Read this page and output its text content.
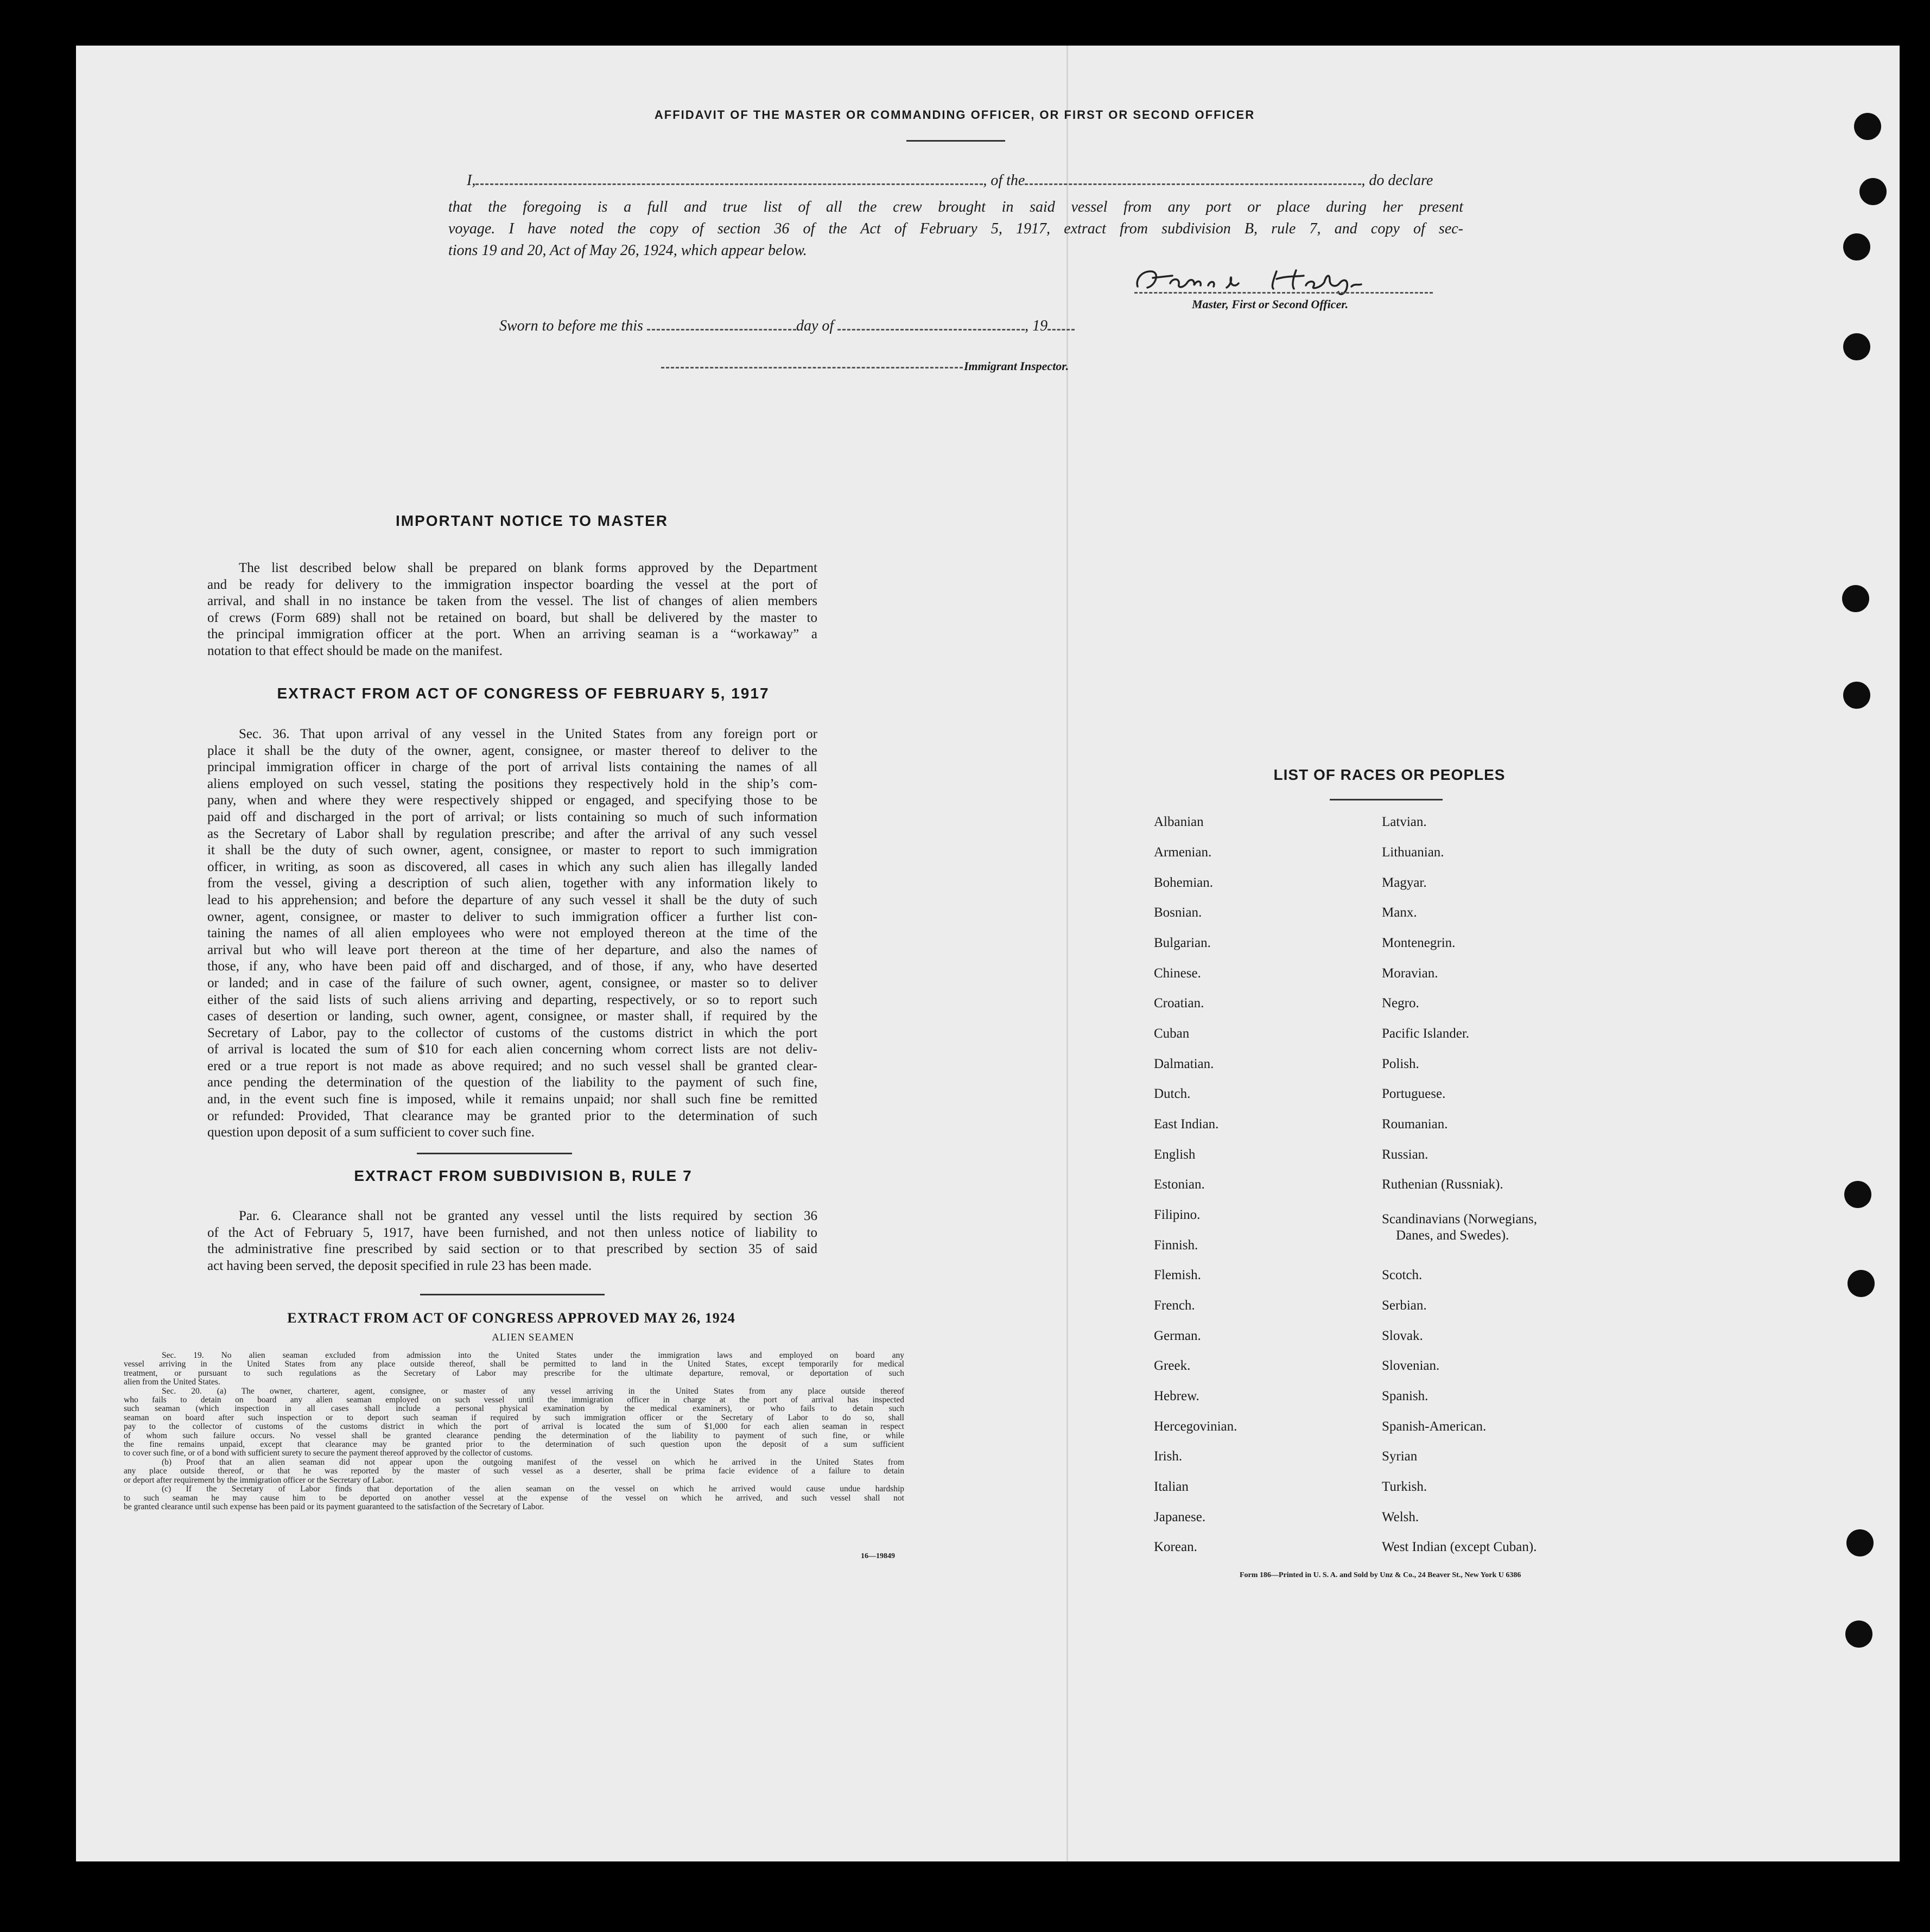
AFFIDAVIT OF THE MASTER OR COMMANDING OFFICER, OR FIRST OR SECOND OFFICER
I,	, of the	, do declare
that the foregoing is a full and true list of all the crew brought in said vessel from any port or place during her present
voyage. I have noted the copy of section 36 of the Act of February 5, 1917, extract from subdivision B, rule 7, and copy of sec-
tions 19 and 20, Act of May 26, 1924, which appear below.
Master, First or Second Officer.
Sworn to before me this	day of	, 19
Immigrant Inspector.
IMPORTANT NOTICE TO MASTER
The list described below shall be prepared on blank forms approved by the Department
and be ready for delivery to the immigration inspector boarding the vessel at the port of
arrival, and shall in no instance be taken from the vessel. The list of changes of alien members
of crews (Form 689) shall not be retained on board, but shall be delivered by the master to
the principal immigration officer at the port. When an arriving seaman is a “workaway” a
notation to that effect should be made on the manifest.
EXTRACT FROM ACT OF CONGRESS OF FEBRUARY 5, 1917
Sec. 36. That upon arrival of any vessel in the United States from any foreign port or
place it shall be the duty of the owner, agent, consignee, or master thereof to deliver to the
principal immigration officer in charge of the port of arrival lists containing the names of all
aliens employed on such vessel, stating the positions they respectively hold in the ship’s com-
pany, when and where they were respectively shipped or engaged, and specifying those to be
paid off and discharged in the port of arrival; or lists containing so much of such information
as the Secretary of Labor shall by regulation prescribe; and after the arrival of any such vessel
it shall be the duty of such owner, agent, consignee, or master to report to such immigration
officer, in writing, as soon as discovered, all cases in which any such alien has illegally landed
from the vessel, giving a description of such alien, together with any information likely to
lead to his apprehension; and before the departure of any such vessel it shall be the duty of such
owner, agent, consignee, or master to deliver to such immigration officer a further list con-
taining the names of all alien employees who were not employed thereon at the time of the
arrival but who will leave port thereon at the time of her departure, and also the names of
those, if any, who have been paid off and discharged, and of those, if any, who have deserted
or landed; and in case of the failure of such owner, agent, consignee, or master so to deliver
either of the said lists of such aliens arriving and departing, respectively, or so to report such
cases of desertion or landing, such owner, agent, consignee, or master shall, if required by the
Secretary of Labor, pay to the collector of customs of the customs district in which the port
of arrival is located the sum of $10 for each alien concerning whom correct lists are not deliv-
ered or a true report is not made as above required; and no such vessel shall be granted clear-
ance pending the determination of the question of the liability to the payment of such fine,
and, in the event such fine is imposed, while it remains unpaid; nor shall such fine be remitted
or refunded: Provided, That clearance may be granted prior to the determination of such
question upon deposit of a sum sufficient to cover such fine.
EXTRACT FROM SUBDIVISION B, RULE 7
Par. 6. Clearance shall not be granted any vessel until the lists required by section 36
of the Act of February 5, 1917, have been furnished, and not then unless notice of liability to
the administrative fine prescribed by said section or to that prescribed by section 35 of said
act having been served, the deposit specified in rule 23 has been made.
EXTRACT FROM ACT OF CONGRESS APPROVED MAY 26, 1924
ALIEN SEAMEN
Sec. 19. No alien seaman excluded from admission into the United States under the immigration laws and employed on board any
vessel arriving in the United States from any place outside thereof, shall be permitted to land in the United States, except temporarily for medical
treatment, or pursuant to such regulations as the Secretary of Labor may prescribe for the ultimate departure, removal, or deportation of such
alien from the United States.
Sec. 20. (a) The owner, charterer, agent, consignee, or master of any vessel arriving in the United States from any place outside thereof
who fails to detain on board any alien seaman employed on such vessel until the immigration officer in charge at the port of arrival has inspected
such seaman (which inspection in all cases shall include a personal physical examination by the medical examiners), or who fails to detain such
seaman on board after such inspection or to deport such seaman if required by such immigration officer or the Secretary of Labor to do so, shall
pay to the collector of customs of the customs district in which the port of arrival is located the sum of $1,000 for each alien seaman in respect
of whom such failure occurs. No vessel shall be granted clearance pending the determination of the liability to payment of such fine, or while
the fine remains unpaid, except that clearance may be granted prior to the determination of such question upon the deposit of a sum sufficient
to cover such fine, or of a bond with sufficient surety to secure the payment thereof approved by the collector of customs.
(b) Proof that an alien seaman did not appear upon the outgoing manifest of the vessel on which he arrived in the United States from
any place outside thereof, or that he was reported by the master of such vessel as a deserter, shall be prima facie evidence of a failure to detain
or deport after requirement by the immigration officer or the Secretary of Labor.
(c) If the Secretary of Labor finds that deportation of the alien seaman on the vessel on which he arrived would cause undue hardship
to such seaman he may cause him to be deported on another vessel at the expense of the vessel on which he arrived, and such vessel shall not
be granted clearance until such expense has been paid or its payment guaranteed to the satisfaction of the Secretary of Labor.
16—19849
LIST OF RACES OR PEOPLES
Albanian
Armenian.
Bohemian.
Bosnian.
Bulgarian.
Chinese.
Croatian.
Cuban
Dalmatian.
Dutch.
East Indian.
English
Estonian.
Filipino.
Finnish.
Flemish.
French.
German.
Greek.
Hebrew.
Hercegovinian.
Irish.
Italian
Japanese.
Korean.
Latvian.
Lithuanian.
Magyar.
Manx.
Montenegrin.
Moravian.
Negro.
Pacific Islander.
Polish.
Portuguese.
Roumanian.
Russian.
Ruthenian (Russniak).
Scandinavians (Norwegians,
Danes, and Swedes).
Scotch.
Serbian.
Slovak.
Slovenian.
Spanish.
Spanish-American.
Syrian
Turkish.
Welsh.
West Indian (except Cuban).
Form 186—Printed in U. S. A. and Sold by Unz & Co., 24 Beaver St., New York U 6386
